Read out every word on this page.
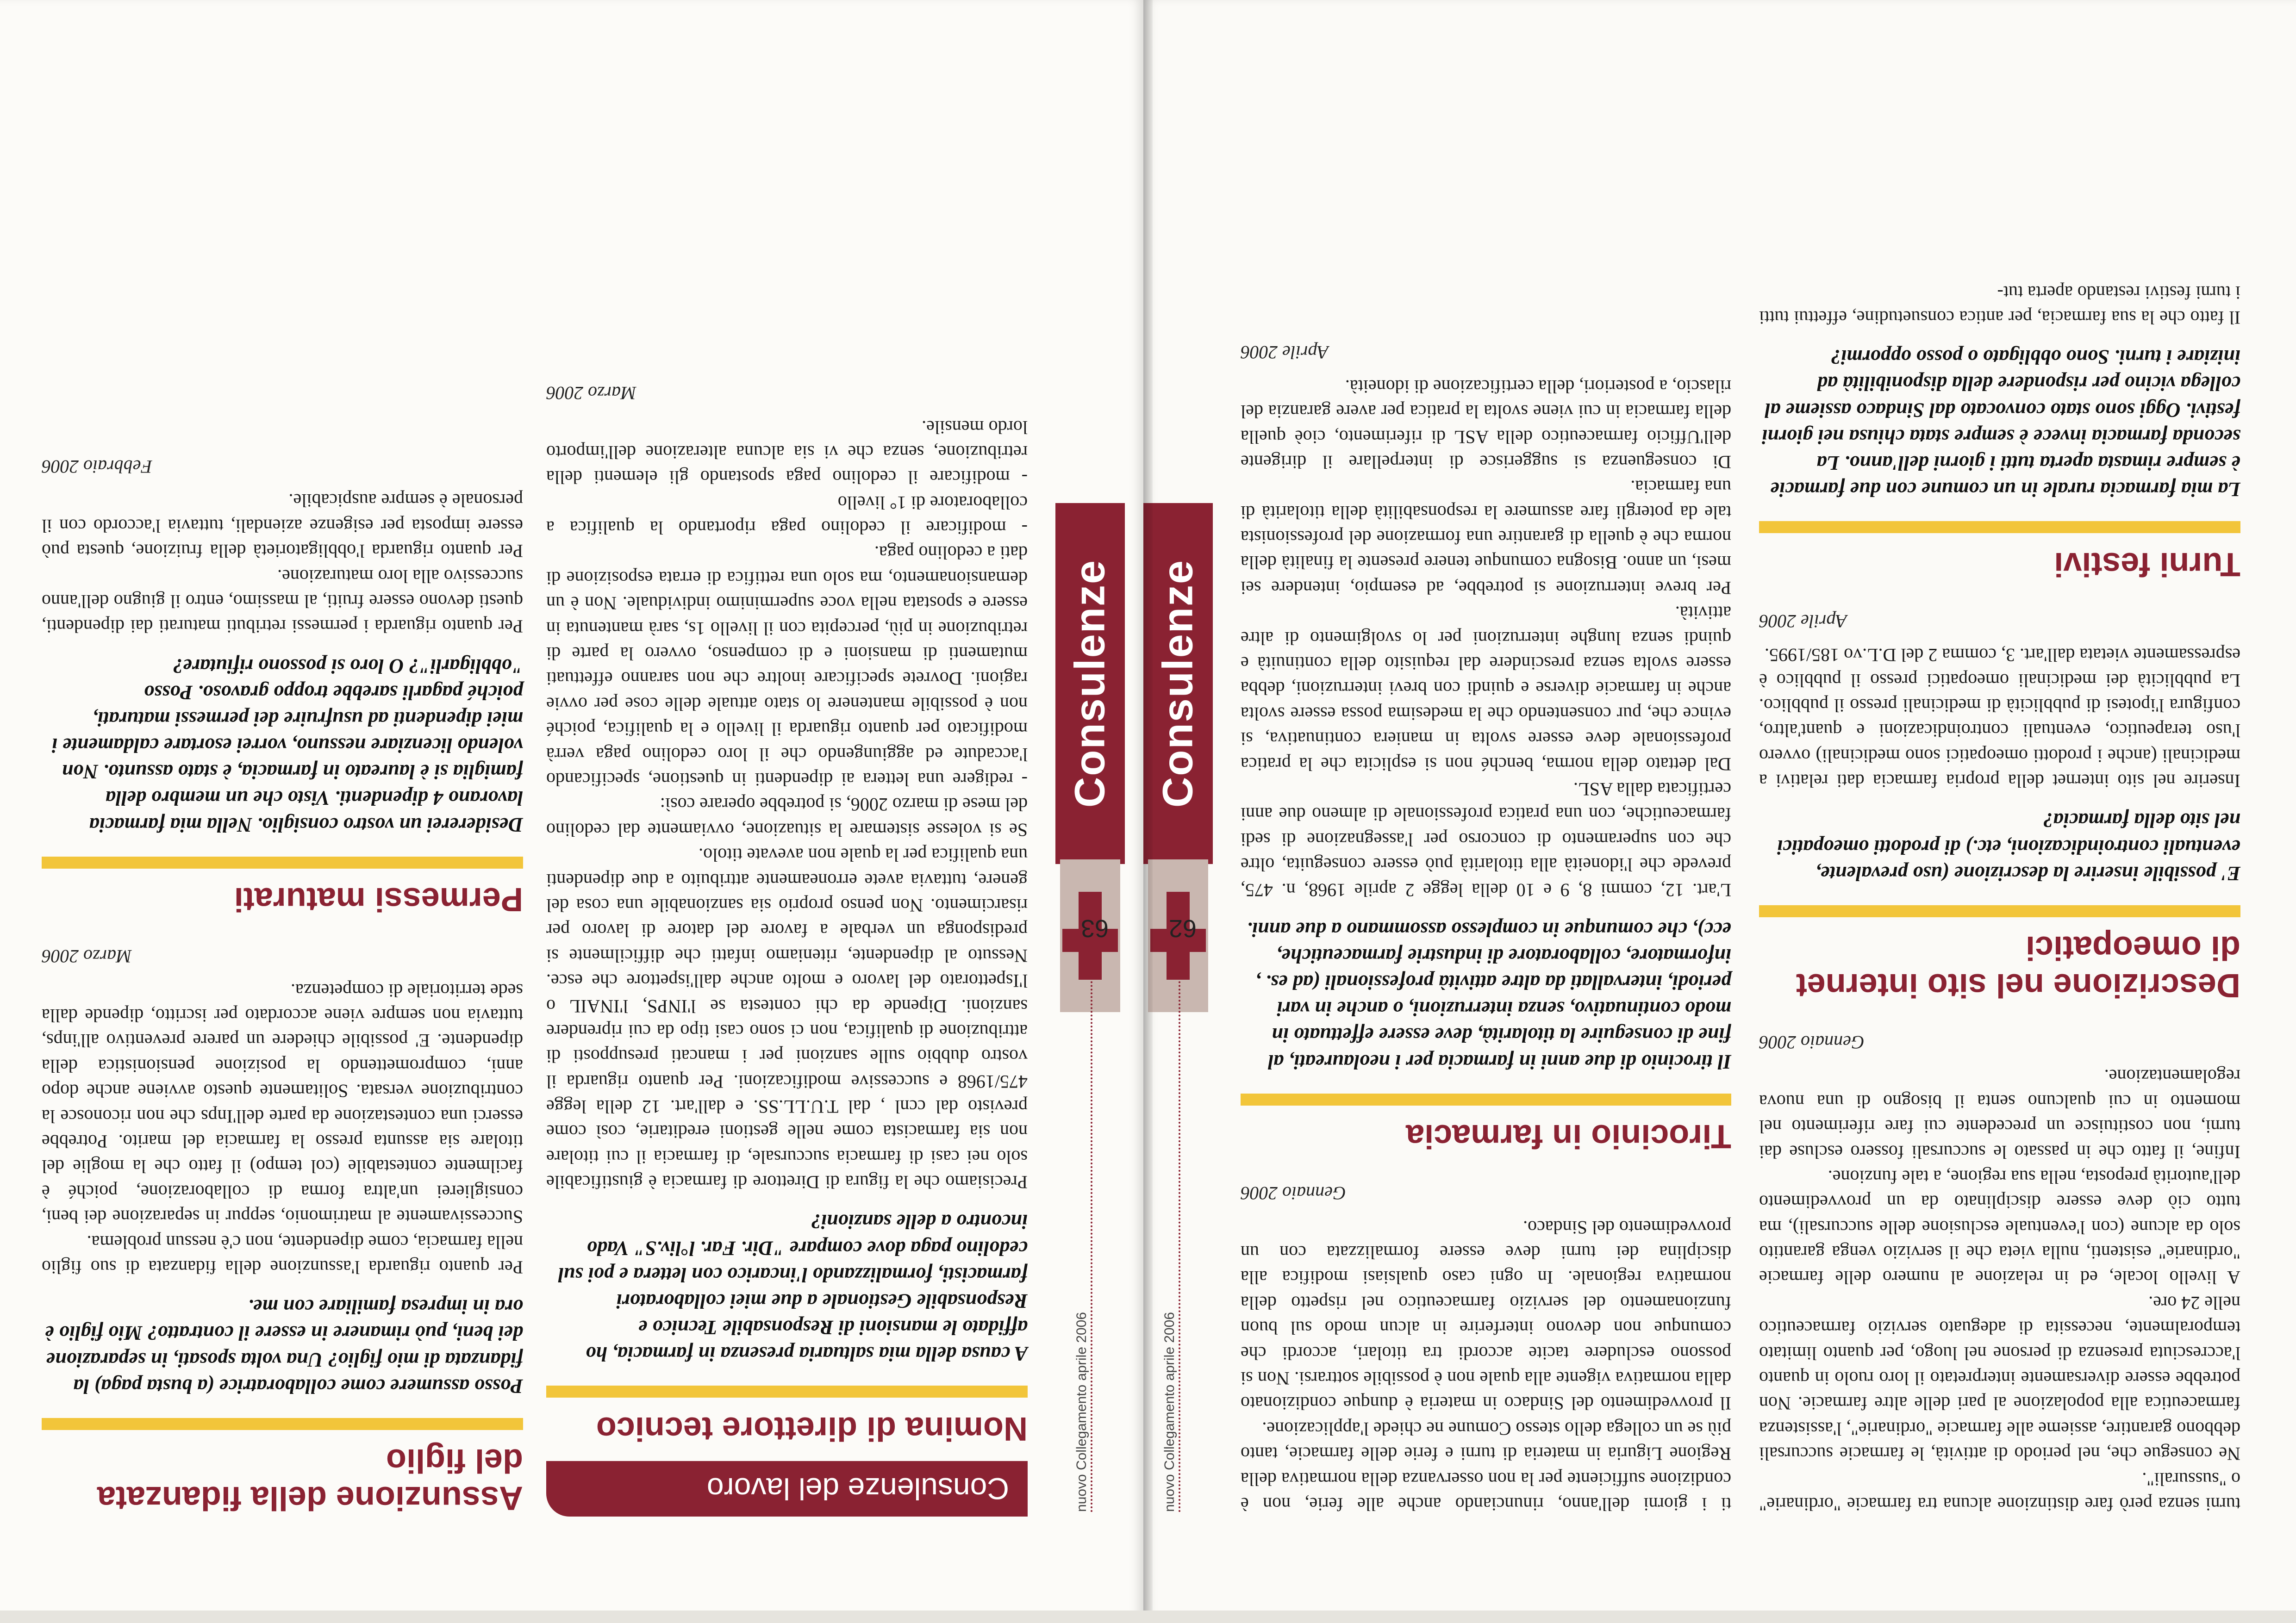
Consulenze
62
nuovo Collegamento aprile 2006	turni senza però fare distinzione alcuna tra farmacie "ordinarie" o "sussurali".
Ne consegue che, nel periodo di attività, le farmacie succursali debbono garantire, assieme alle farmacie "ordinarie", l'assistenza farmaceutica alla popolazione al pari delle altre farmacie. Non potrebbe essere diversamente interpretato il loro ruolo in quanto l'accresciuta presenza di persone nel luogo, per quanto limitato temporalmente, necessita di adeguato servizio farmaceutico nelle 24 ore.
A livello locale, ed in relazione al numero delle farmacie "ordinarie" esistenti, nulla vieta che il servizio venga garantito solo da alcune (con l'eventuale esclusione delle succursali), ma tutto ciò deve essere disciplinato da un provvedimento dell'autorità preposta, nella sua regione, a tale funzione.
Infine, il fatto che in passato le succursali fossero escluse dai turni, non costituisce un precedente cui fare riferimento nel momento in cui qualcuno senta il bisogno di una nuova regolamentazione.

Gennaio 2006
Descrizione nel sito internet di omeopatici

E' possibile inserire la descrizione (uso prevalente, eventuali controindicazioni, etc.) di prodotti omeopatici nel sito della farmacia?

Inserire nel sito internet della propria farmacia dati relativi a medicinali (anche i prodotti omeopatici sono medicinali) ovvero l'uso terapeutico, eventuali controindicazioni e quant'altro, configura l'ipotesi di pubblicità di medicinali presso il pubblico. La pubblicità dei medicinali omeopatici presso il pubblico è espressamente vietata dall'art. 3, comma 2 del D.L.vo 185/1995.

Aprile 2006
Turni festivi

La mia farmacia rurale in un comune con due farmacie è sempre rimasta aperta tutti i giorni dell'anno. La seconda farmacia invece è sempre stata chiusa nei giorni festivi. Oggi sono stato convocato dal Sindaco assieme al collega vicino per rispondere della disponibilità ad iniziare i turni. Sono obbligato o posso oppormi?

Il fatto che la sua farmacia, per antica consuetudine, effettui tutti i turni festivi restando aperta tut-

ti i giorni dell'anno, rinunciando anche alle ferie, non è condizione sufficiente per la non osservanza della normativa della Regione Liguria in materia di turni e ferie delle farmacie, tanto più se un collega dello stesso Comune ne chiede l'applicazione.
Il provvedimento del Sindaco in materia è dunque condizionato dalla normativa vigente alla quale non è possibile sottrarsi. Non si possono escludere tacite accordi tra titolari, accordi che comunque non devono interferire in alcun modo sul buon funzionamento del servizio farmaceutico nel rispetto della normativa regionale. In ogni caso qualsiasi modifica alla disciplina dei turni deve essere formalizzata con un provvedimento del Sindaco.

Gennaio 2006
Tirocinio in farmacia

Il tirocinio di due anni in farmacia per i neolaureati, al fine di conseguire la titolarità, deve essere effettuato in modo continuativo, senza interruzioni, o anche in vari periodi, intervallati da altre attività professionali (ad es. , informatore, collaboratore di industrie farmaceutiche, ecc), che comunque in complesso assommano a due anni.

L'art. 12, commi 8, 9 e 10 della legge 2 aprile 1968, n. 475, prevede che l'idoneità alla titolarità può essere conseguita, oltre che con superamento di concorso per l'assegnazione di sedi farmaceutiche, con una pratica professionale di almeno due anni certificata dalla ASL.
Dal dettato della norma, benché non si esplicita che la pratica professionale deve essere svolta in maniera continuativa, si evince che, pur consentendo che la medesima possa essere svolta anche in farmacie diverse e quindi con brevi interruzioni, debba essere svolta senza prescindere dal requisito della continuità e quindi senza lunghe interruzioni per lo svolgimento di altre attività.
Per breve interruzione si potrebbe, ad esempio, intendere sei mesi, un anno. Bisogna comunque tenere presente la finalità della norma che è quella di garantire una formazione del professionista tale da potergli fare assumere la responsabilità della titolarità di una farmacia.
Di conseguenza si suggerisce di interpellare il dirigente dell'Ufficio farmaceutico della ASL di riferimento, cioè quella della farmacia in cui viene svolta la pratica per avere garanzia del rilascio, a posteriori, della certificazione di idoneità.

Aprile 2006
Consulenze
63
nuovo Collegamento aprile 2006
Consulenze del lavoro
Nomina di direttore tecnico

A causa della mia saltuaria presenza in farmacia, ho affidato le mansioni di Responsabile Tecnico e Responsabile Gestionale a due miei collaboratori farmacisti, formalizzando l'incarico con lettera e poi sul cedolino paga dove compare "Dir. Far. l°liv.S" Vado incontro a delle sanzioni?

Precisiamo che la figura di Direttore di farmacia è giustificabile solo nei casi di farmacia succursale, di farmacia il cui titolare non sia farmacista come nelle gestioni ereditarie, così come previsto dal ccnl , dal T.U.LL.SS. e dall'art. 12 della legge 475/1968 e successive modificazioni. Per quanto riguarda il vostro dubbio sulle sanzioni per i mancati presupposti di attribuzione di qualifica, non ci sono casi tipo da cui riprendere sanzioni. Dipende da chi contesta se l'INPS, l'INAIL o l'Ispettorato del lavoro e molto anche dall'ispettore che esce. Nessuto al dipendente, riteniamo infatti che difficilmente si predisponga un verbale a favore del datore di lavoro per risarcimento. Non penso proprio sia sanzionabile una cosa del genere, tuttavia avete erroneamente attribuito a due dipendenti una qualifica per la quale non avevate titolo.
Se si volesse sistemare la situazione, ovviamente dal cedolino del mese di marzo 2006, si potrebbe operare così:
- redigere una lettera ai dipendenti in questione, specificando l'accadute ed aggiungendo che il loro cedolino paga verrà modificato per quanto riguarda il livello e la qualifica, poiché non è possibile mantenere lo stato attuale delle cose per ovvie ragioni. Dovrete specificare inoltre che non saranno effettuati mutamenti di mansioni e di compenso, ovvero la parte di retribuzione in più, percepita con il livello 1s, sarà mantenuta in essere e spostata nella voce superminimo individuale. Non è un demansionamento, ma solo una rettifica di errata esposizione di dati a cedolino paga.
- modificare il cedolino paga riportando la qualifica a collaboratore di 1° livello
- modificare il cedolino paga spostando gli elementi della retribuzione, senza che vi sia alcuna alterazione dell'importo lordo mensile.

Marzo 2006
Assunzione della fidanzata del figlio

Posso assumere come collaboratrice (a busta paga) la fidanzata di mio figlio? Una volta sposati, in separazione dei beni, può rimanere in essere il contratto? Mio figlio è ora in impresa familiare con me.

Per quanto riguarda l'assunzione della fidanzata di suo figlio nella farmacia, come dipendente, non c'è nessun problema.
Successivamente al matrimonio, seppur in separazione dei beni, consiglierei un'altra forma di collaborazione, poiché è facilmente contestabile (col tempo) il fatto che la moglie del titolare sia assunta presso la farmacia del marito. Potrebbe esserci una contestazione da parte dell'Inps che non riconosce la contribuzione versata. Solitamente questo avviene anche dopo anni, compromettendo la posizione pensionistica della dipendente. E' possibile chiedere un parere preventivo all'inps, tuttavia non sempre viene accordato per iscritto, dipende dalla sede territoriale di competenza.

Marzo 2006
Permessi maturati

Desidererei un vostro consiglio. Nella mia farmacia lavorano 4 dipendenti. Visto che un membro della famiglia si è laureato in farmacia, è stato assunto. Non volendo licenziare nessuno, vorrei esortare caldamente i miei dipendenti ad usufruire dei permessi maturati, poiché pagarli sarebbe troppo gravoso. Posso "obbligarli"? O loro si possono rifiutare?

Per quanto riguarda i permessi retributi maturati dai dipendenti, questi devono essere fruiti, al massimo, entro il giugno dell'anno successivo alla loro maturazione.
Per quanto riguarda l'obbligatorietà della fruizione, questa può essere imposta per esigenze aziendali, tuttavia l'accordo con il personale è sempre auspicabile.

Febbraio 2006
